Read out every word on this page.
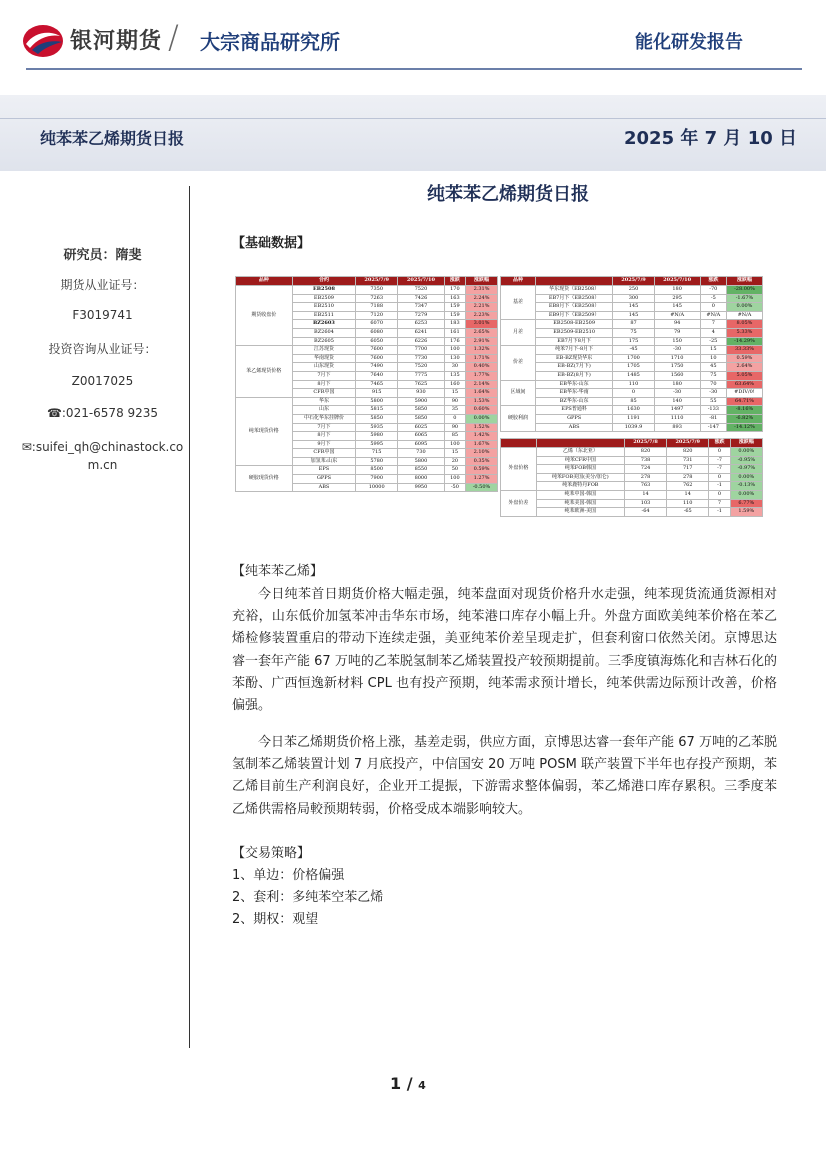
银河期货 / 大宗商品研究所	能化研发报告
纯苯苯乙烯期货日报	2025 年 7 月 10 日
研究员：隋斐
期货从业证号：
F3019741
投资咨询从业证号：
Z0017025
☎:021-6578 9235
✉:suifei_qh@chinastock.co
m.cn
纯苯苯乙烯期货日报
【基础数据】
品种	合约	2025/7/9	2025/7/10	涨跌	涨跌幅
期货收盘价	EB2508	7350	7520	170	2.31%
	EB2509	7263	7426	163	2.24%
	EB2510	7188	7347	159	2.21%
	EB2511	7120	7279	159	2.23%
	BZ2603	6070	6253	183	3.01%
	BZ2604	6080	6241	161	2.65%
	BZ2605	6050	6226	176	2.91%
苯乙烯现货价格	江苏现货	7600	7700	100	1.32%
	华南现货	7600	7730	130	1.71%
	山东现货	7490	7520	30	0.40%
	7月下	7640	7775	135	1.77%
	8月下	7465	7625	160	2.14%
	CFR中国	915	930	15	1.64%
纯苯现货价格	华东	5800	5900	90	1.53%
	山东	5815	5850	35	0.60%
	中石化华东挂牌价	5850	5850	0	0.00%
	7月下	5935	6025	90	1.52%
	8月下	5980	6065	85	1.42%
	9月下	5995	6095	100	1.67%
	CFR中国	715	730	15	2.10%
	加氢苯:山东	5780	5800	20	0.35%
硬胶现货价格	EPS	8500	8550	50	0.59%
	GPPS	7900	8000	100	1.27%
	ABS	10000	9950	-50	-0.50%
品种		2025/7/9	2025/7/10	涨跌	涨跌幅
基差	华东现货（EB2508）	250	180	-70	-28.00%
	EB7月下（EB2508）	300	295	-5	-1.67%
	EB8月下（EB2508）	145	145	0	0.00%
	EB9月下（EB2509）	145	#N/A	#N/A	#N/A
月差	EB2508-EB2509	87	94	7	8.05%
	EB2509-EB2510	75	79	4	5.33%
	EB7月下8月下	175	150	-25	-14.29%
价差	纯苯7月下-8月下	-45	-30	15	33.33%
	EB-BZ现货华东	1700	1710	10	0.59%
	EB-BZ(7月下)	1705	1750	45	2.64%
	EB-BZ(8月下)	1485	1560	75	5.05%
区域间	EB华东-山东	110	180	70	63.64%
	EB华东-华南	0	-30	-30	#DIV/0!
	BZ华东-山东	85	140	55	64.71%
硬胶利润	EPS普通料	1630	1497	-133	-8.16%
	GPPS	1191	1110	-81	-6.82%
	ABS	1039.9	893	-147	-14.12%
		2025/7/8	2025/7/9	涨跌	涨跌幅
外盘价格	乙烯（东北亚）	820	820	0	0.00%
	纯苯CFR中国	738	731	-7	-0.95%
	纯苯FOB韩国	724	717	-7	-0.97%
	纯苯FOB美国(美分/加仑)	278	278	0	0.00%
	纯苯鹿特丹FOB	763	762	-1	-0.13%
外盘价差	纯苯中国-韩国	14	14	0	0.00%
	纯苯美国-韩国	103	110	7	6.77%
	纯苯欧洲-美国	-64	-65	-1	1.59%
【纯苯苯乙烯】
今日纯苯首日期货价格大幅走强，纯苯盘面对现货价格升水走强，纯苯现货流通货源相对充裕，山东低价加氢苯冲击华东市场，纯苯港口库存小幅上升。外盘方面欧美纯苯价格在苯乙烯检修装置重启的带动下连续走强，美亚纯苯价差呈现走扩，但套利窗口依然关闭。京博思达睿一套年产能 67 万吨的乙苯脱氢制苯乙烯装置投产较预期提前。三季度镇海炼化和吉林石化的苯酚、广西恒逸新材料 CPL 也有投产预期，纯苯需求预计增长，纯苯供需边际预计改善，价格偏强。
今日苯乙烯期货价格上涨，基差走弱，供应方面，京博思达睿一套年产能 67 万吨的乙苯脱氢制苯乙烯装置计划 7 月底投产，中信国安 20 万吨 POSM 联产装置下半年也存投产预期，苯乙烯目前生产利润良好，企业开工提振，下游需求整体偏弱，苯乙烯港口库存累积。三季度苯乙烯供需格局較预期转弱，价格受成本端影响较大。
【交易策略】
1、单边：价格偏强
2、套利：多纯苯空苯乙烯
2、期权：观望
1 / 4
